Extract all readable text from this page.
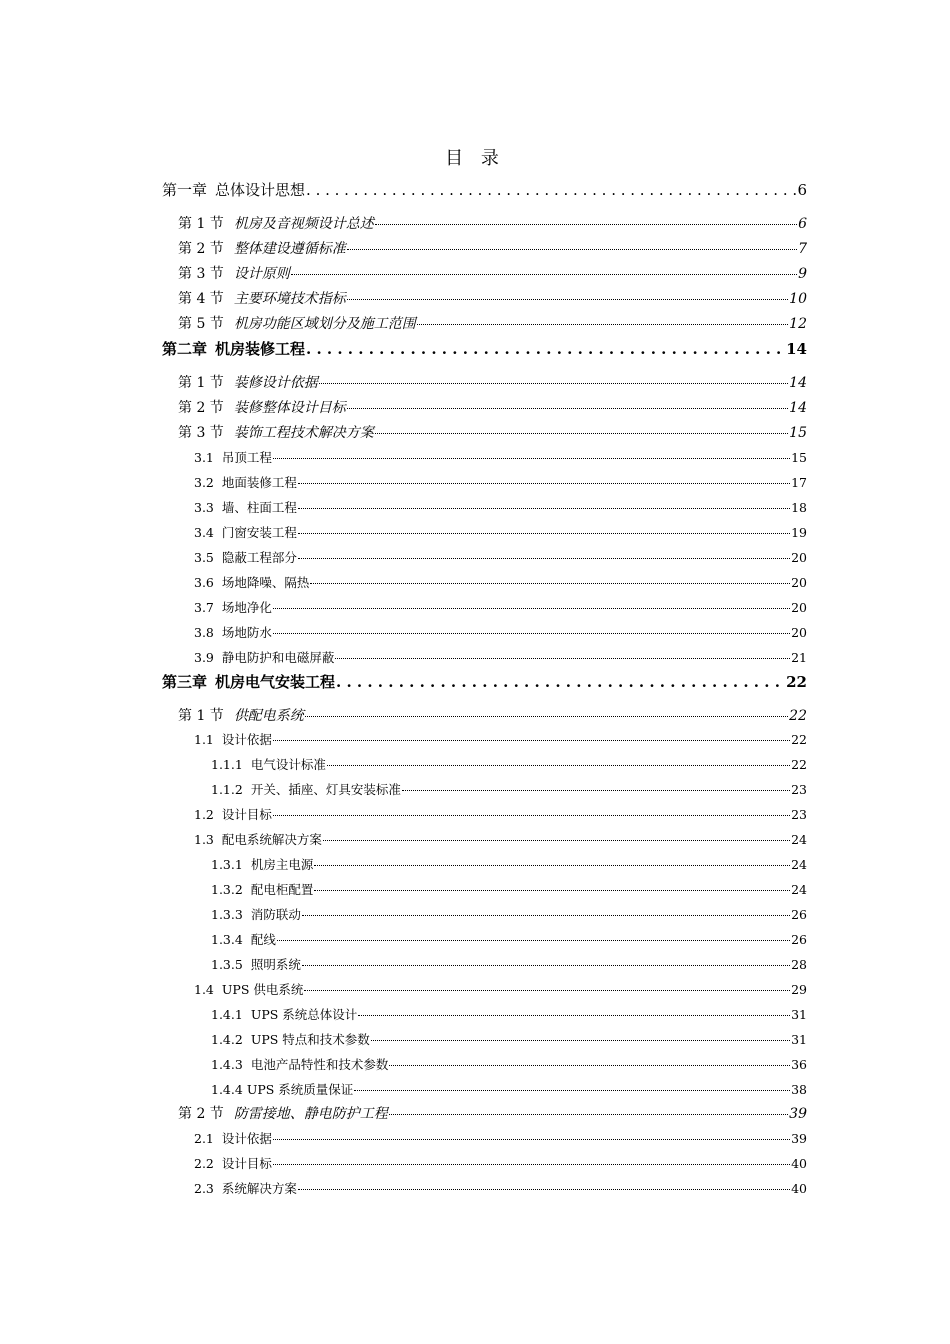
目 录
第一章 总体设计思想 . . .	6
第 1 节 机房及音视频设计总述	6
第 2 节 整体建设遵循标准	7
第 3 节 设计原则	9
第 4 节 主要环境技术指标	10
第 5 节 机房功能区域划分及施工范围	12
第二章 机房装修工程 . . .	14
第 1 节 装修设计依据	14
第 2 节 装修整体设计目标	14
第 3 节 装饰工程技术解决方案	15
3.1 吊顶工程	15
3.2 地面装修工程	17
3.3 墙、柱面工程	18
3.4 门窗安装工程	19
3.5 隐蔽工程部分	20
3.6 场地降噪、隔热	20
3.7 场地净化	20
3.8 场地防水	20
3.9 静电防护和电磁屏蔽	21
第三章 机房电气安装工程 . . .	22
第 1 节 供配电系统	22
1.1 设计依据	22
1.1.1 电气设计标准	22
1.1.2 开关、插座、灯具安装标准	23
1.2 设计目标	23
1.3 配电系统解决方案	24
1.3.1 机房主电源	24
1.3.2 配电柜配置	24
1.3.3 消防联动	26
1.3.4 配线	26
1.3.5 照明系统	28
1.4 UPS 供电系统	29
1.4.1 UPS 系统总体设计	31
1.4.2 UPS 特点和技术参数	31
1.4.3 电池产品特性和技术参数	36
1.4.4 UPS 系统质量保证	38
第 2 节 防雷接地、静电防护工程	39
2.1 设计依据	39
2.2 设计目标	40
2.3 系统解决方案	40
